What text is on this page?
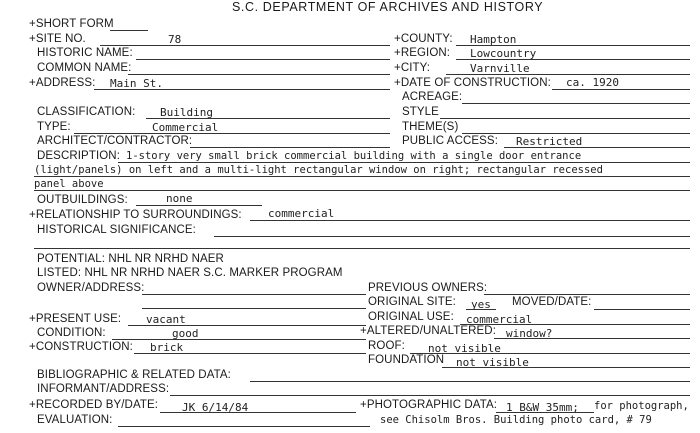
S.C. DEPARTMENT OF ARCHIVES AND HISTORY
+SHORT FORM
+SITE NO.	78
HISTORIC NAME:
COMMON NAME:
+ADDRESS: Main St.
CLASSIFICATION: Building
TYPE:	Commercial
ARCHITECT/CONTRACTOR:
DESCRIPTION: 1-story very small brick commercial building with a single door entrance
(light/panels) on left and a multi-light rectangular window on right; rectangular recessed
panel above
OUTBUILDINGS:	none
+RELATIONSHIP TO SURROUNDINGS: commercial
HISTORICAL SIGNIFICANCE:
+COUNTY: Hampton
+REGION: Lowcountry
+CITY:	Varnville
+DATE OF CONSTRUCTION: ca. 1920
ACREAGE:
STYLE
THEME(S)
PUBLIC ACCESS: Restricted
POTENTIAL: NHL NR NRHD NAER
LISTED: NHL NR NRHD NAER S.C. MARKER PROGRAM
OWNER/ADDRESS:	PREVIOUS OWNERS:
ORIGINAL SITE: yes MOVED/DATE:
+PRESENT USE: vacant	ORIGINAL USE: commercial
CONDITION:	good	+ALTERED/UNALTERED: window?
+CONSTRUCTION: brick	ROOF: not visible
FOUNDATION not visible
BIBLIOGRAPHIC & RELATED DATA:
INFORMANT/ADDRESS:
+RECORDED BY/DATE: JK 6/14/84	+PHOTOGRAPHIC DATA: 1 B&W 35mm; for photograph,
EVALUATION:	see Chisolm Bros. Building photo card, # 79
